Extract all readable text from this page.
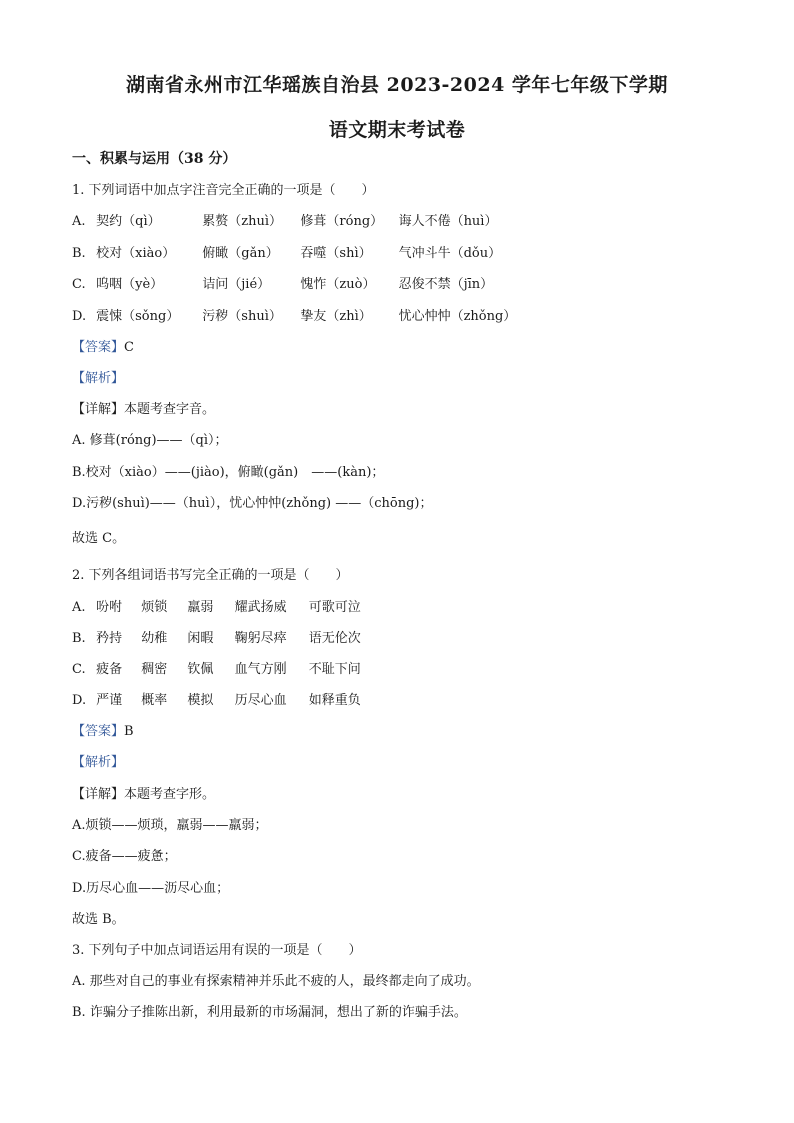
湖南省永州市江华瑶族自治县 2023-2024 学年七年级下学期
语文期末考试卷
一、积累与运用（38 分）
1. 下列词语中加点字注音完全正确的一项是（　　）
A. 契约（qì）	累赘（zhuì） 修葺（róng） 诲人不倦（huì）
B. 校对（xiào） 俯瞰（gǎn） 吞噬（shì） 气冲斗牛（dǒu）
C. 呜咽（yè）	诘问（jié） 愧怍（zuò） 忍俊不禁（jīn）
D. 震悚（sǒng） 污秽（shuì） 挚友（zhì） 忧心忡忡（zhǒng）
【答案】C
【解析】
【详解】本题考查字音。
A. 修葺(róng)——（qì）；
B.校对（xiào）——(jiào)，俯瞰(gǎn)　——(kàn)；
D.污秽(shuì)——（huì），忧心忡忡(zhǒng) ——（chōng)；
故选 C。
2. 下列各组词语书写完全正确的一项是（　　）
A. 吩咐 烦锁 羸弱 耀武扬威 可歌可泣
B. 矜持 幼稚 闲暇 鞠躬尽瘁 语无伦次
C. 疲备 稠密 钦佩 血气方刚 不耻下问
D. 严谨 概率 模拟 历尽心血 如释重负
【答案】B
【解析】
【详解】本题考查字形。
A.烦锁——烦琐，羸弱——羸弱；
C.疲备——疲惫；
D.历尽心血——沥尽心血；
故选 B。
3. 下列句子中加点词语运用有误的一项是（　　）
A. 那些对自己的事业有探索精神并乐此不疲的人，最终都走向了成功。
B. 诈骗分子推陈出新，利用最新的市场漏洞，想出了新的诈骗手法。
